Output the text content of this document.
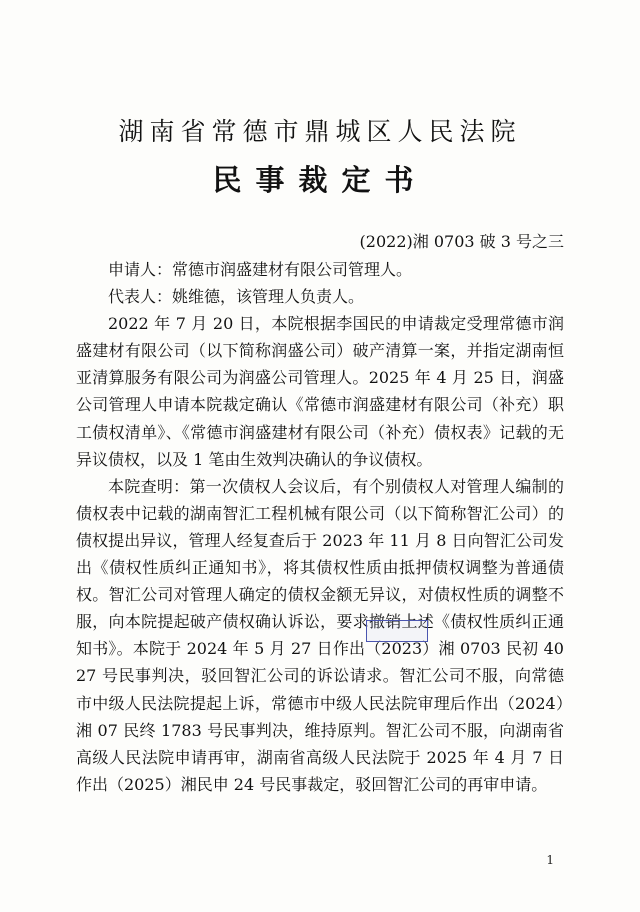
湖南省常德市鼎城区人民法院
民事裁定书
(2022)湘 0703 破 3 号之三

申请人：常德市润盛建材有限公司管理人。

代表人：姚维德，该管理人负责人。

2022 年 7 月 20 日，本院根据李国民的申请裁定受理常德市润盛建材有限公司（以下简称润盛公司）破产清算一案，并指定湖南恒亚清算服务有限公司为润盛公司管理人。2025 年 4 月 25 日，润盛公司管理人申请本院裁定确认《常德市润盛建材有限公司（补充）职工债权清单》、《常德市润盛建材有限公司（补充）债权表》记载的无异议债权，以及 1 笔由生效判决确认的争议债权。

本院查明：第一次债权人会议后，有个别债权人对管理人编制的债权表中记载的湖南智汇工程机械有限公司（以下简称智汇公司）的债权提出异议，管理人经复查后于 2023 年 11 月 8 日向智汇公司发出《债权性质纠正通知书》，将其债权性质由抵押债权调整为普通债权。智汇公司对管理人确定的债权金额无异议，对债权性质的调整不服，向本院提起破产债权确认诉讼，要求撤销上述《债权性质纠正通知书》。本院于 2024 年 5 月 27 日作出（2023）湘 0703 民初 4027 号民事判决，驳回智汇公司的诉讼请求。智汇公司不服，向常德市中级人民法院提起上诉，常德市中级人民法院审理后作出（2024）湘 07 民终 1783 号民事判决，维持原判。智汇公司不服，向湖南省高级人民法院申请再审，湖南省高级人民法院于 2025 年 4 月 7 日作出（2025）湘民申 24 号民事裁定，驳回智汇公司的再审申请。

1
